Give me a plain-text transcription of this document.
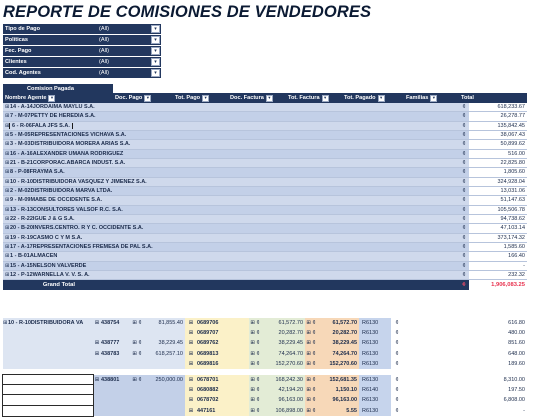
REPORTE DE COMISIONES DE VENDEDORES
Tipo de Pago	(All)	▾
Políticas	(All)	▾
Fec. Pago	(All)	▾
Clientes	(All)	▾
Cod. Agentes	(All)	▾
Comision Pagada
Nombre Agente ▾	Doc. Pago ▾	Tot. Pago ▾	Doc. Factura ▾	Tot. Factura ▾	Tot. Pagado ▾	Familias ▾	Total
⊞14 - A-14JORDAIMA MAYLU S.A.	¢	618,233.67
⊞7 - M-07PETTY DE HEREDIA S.A.	¢	26,278.77
⊞ 6 - R-06FALA JFS S.A.	¢	135,842.45
⊞5 - M-05REPRESENTACIONES VICHAVA S.A.	¢	38,067.43
⊞3 - M-03DISTRIBUIDORA MORERA ARIAS S.A.	¢	50,899.62
⊞16 - A-16ALEXANDER UMAÑA RODRIGUEZ	¢	516.00
⊞21 - B-21CORPORAC.ABARCA INDUST. S.A.	¢	22,825.80
⊞8 - P-08FRAYMA S.A.	¢	1,805.60
⊞10 - R-10DISTRIBUIDORA VASQUEZ Y JIMENEZ S.A.	¢	324,928.04
⊞2 - M-02DISTRIBUIDORA MARVA LTDA.	¢	13,031.06
⊞9 - M-09MABE DE OCCIDENTE S.A.	¢	51,147.63
⊞13 - R-13CONSULTORES VALSOF R.C. S.A.	¢	105,506.78
⊞22 - R-22IGUE J & G S.A.	¢	94,738.62
⊞20 - B-20INVERS.CENTRO. R Y C. OCCIDENTE S.A.	¢	47,103.14
⊞19 - R-19CASMO C Y M S.A.	¢	373,174.32
⊞17 - A-17REPRESENTACIONES FREMESA DE PAL S.A.	¢	1,585.60
⊞1 - B-01ALMACEN	¢	166.40
⊞15 - A-15NELSON VALVERDE	¢	-
⊞12 - P-12WARNELLA V. V. S. A.	¢	232.32
Grand Total	¢	1,906,083.25
⊞ 10 - R-10DISTRIBUIDORA VA	⊞ 438754	⊞ ¢	81,855.40	⊞ 0689706	⊞ ¢	61,572.70 ⊞ ¢	61,572.70 R6130	¢	616.80
⊞ 0689707	⊞ ¢	20,282.70 ⊞ ¢	20,282.70 R6130	¢	480.00
⊞ 438777	⊞ ¢	38,229.45	⊞ 0689762	⊞ ¢	38,229.45 ⊞ ¢	38,229.45 R6130	¢	851.60
⊞ 438783	⊞ ¢	618,257.10	⊞ 0689813	⊞ ¢	74,264.70 ⊞ ¢	74,264.70 R6130	¢	648.00
⊞ 0689816	⊞ ¢	152,270.60 ⊞ ¢	152,270.60 R6130	¢	189.60
⊞ 438801	⊞ ¢	250,000.00	⊞ 0678701	⊞ ¢	168,242.30 ⊞ ¢	152,681.35 R6130	¢	8,310.00
⊞ 0680882	⊞ ¢	42,194.20 ⊞ ¢	1,150.10 R6140	¢	197.50
⊞ 0678702	⊞ ¢	96,163.00 ⊞ ¢	96,163.00 R6130	¢	6,808.00
⊞ 447161	⊞ ¢	106,898.00 ⊞ ¢	5.55 R6130	¢	-
